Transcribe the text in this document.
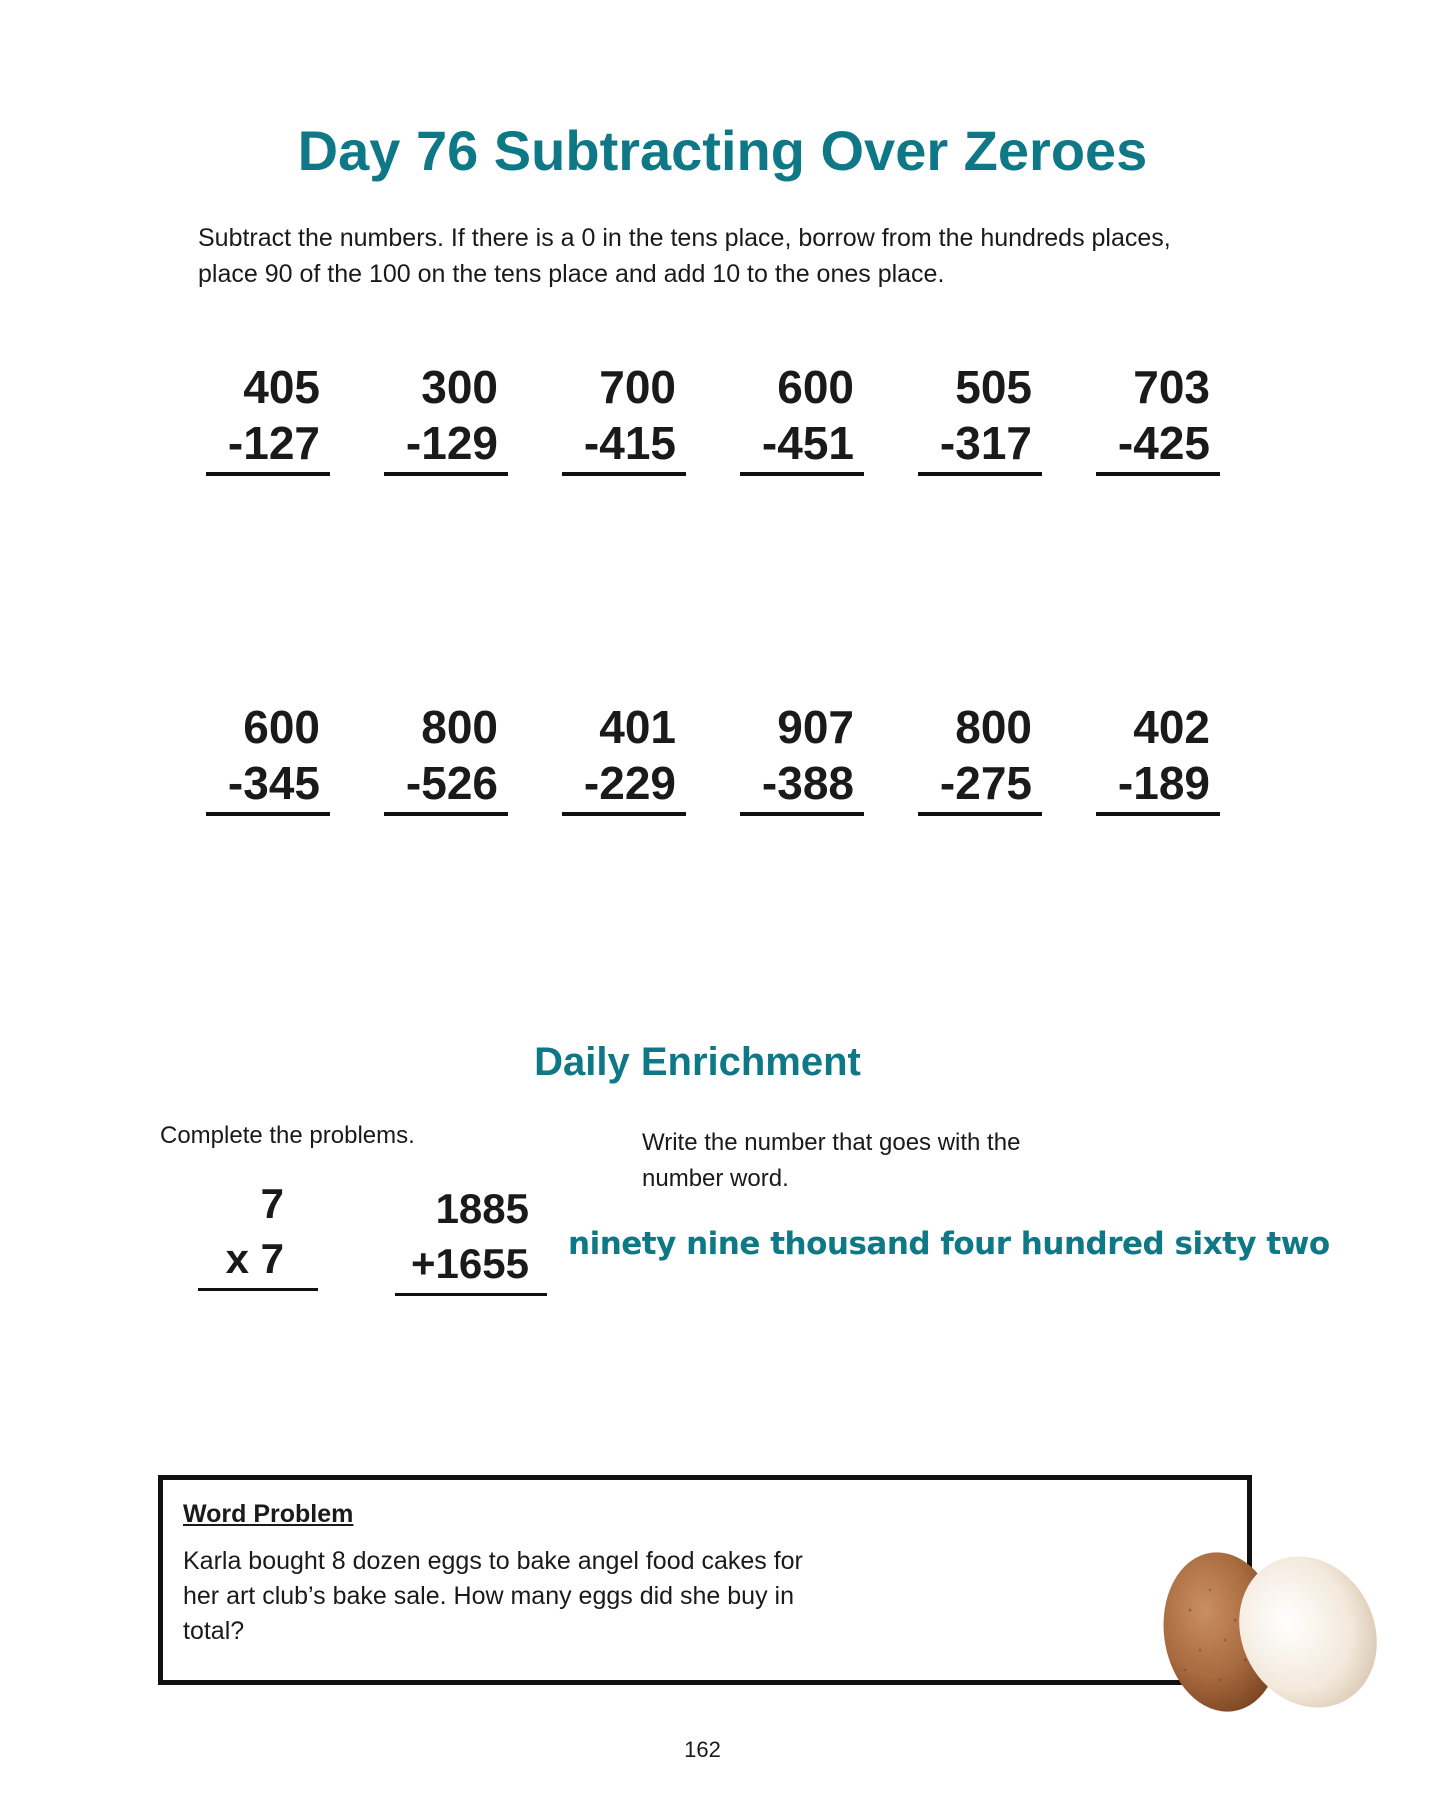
Day 76 Subtracting Over Zeroes
Subtract the numbers. If there is a 0 in the tens place, borrow from the hundreds places,
place 90 of the 100 on the tens place and add 10 to the ones place.
405
-127
300
-129
700
-415
600
-451
505
-317
703
-425
600
-345
800
-526
401
-229
907
-388
800
-275
402
-189
Daily Enrichment
Complete the problems.
7
x 7
1885
+1655
Write the number that goes with the
number word.
ninety nine thousand four hundred sixty two
Word Problem
Karla bought 8 dozen eggs to bake angel food cakes for
her art club’s bake sale. How many eggs did she buy in
total?
162
